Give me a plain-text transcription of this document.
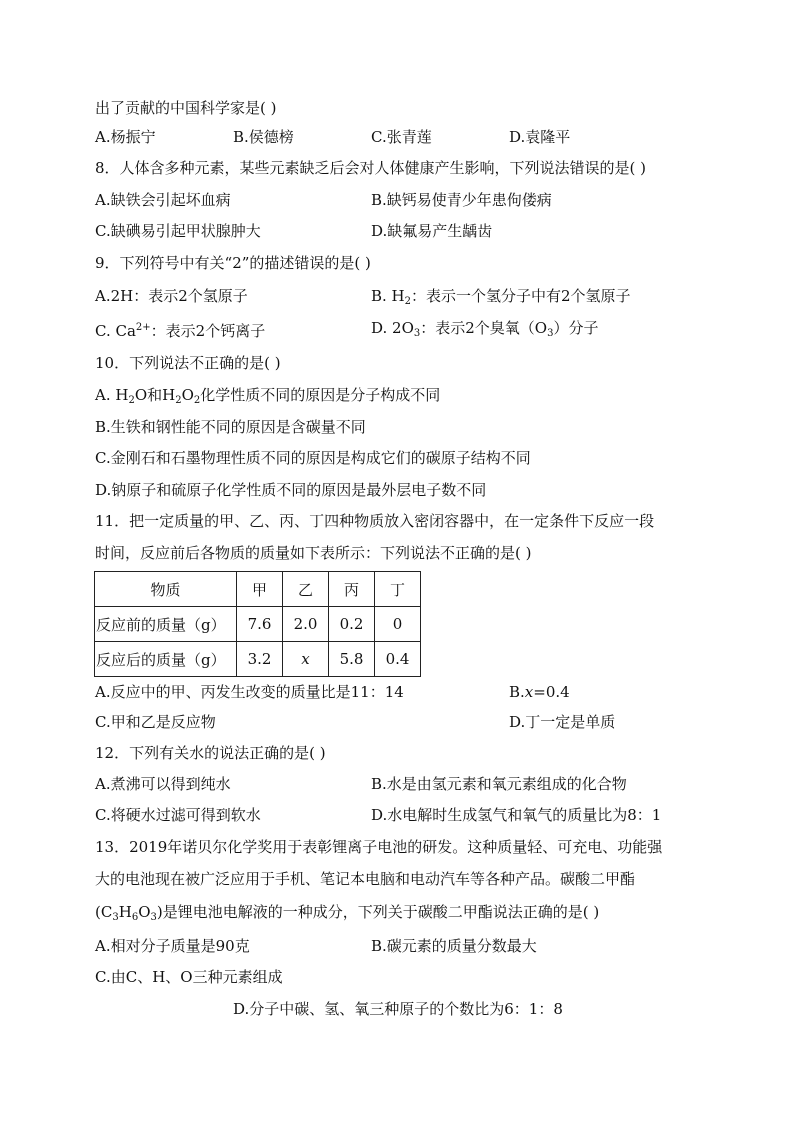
出了贡献的中国科学家是( )
A.杨振宁	B.侯德榜	C.张青莲	D.袁隆平
8．人体含多种元素，某些元素缺乏后会对人体健康产生影响，下列说法错误的是( )
A.缺铁会引起坏血病	B.缺钙易使青少年患佝偻病
C.缺碘易引起甲状腺肿大	D.缺氟易产生龋齿
9．下列符号中有关“2”的描述错误的是( )
A.2H：表示2个氢原子	B. $H_2$：表示一个氢分子中有2个氢原子
C. $Ca^{2+}$：表示2个钙离子	D. $2O_3$：表示2个臭氧$(O_3)$分子
10．下列说法不正确的是( )
A. $H_2O$和$H_2O_2$化学性质不同的原因是分子构成不同
B.生铁和钢性能不同的原因是含碳量不同
C.金刚石和石墨物理性质不同的原因是构成它们的碳原子结构不同
D.钠原子和硫原子化学性质不同的原因是最外层电子数不同
11．把一定质量的甲、乙、丙、丁四种物质放入密闭容器中，在一定条件下反应一段
时间，反应前后各物质的质量如下表所示：下列说法不正确的是( )
物质	甲	乙	丙	丁
反应前的质量（g）	7.6	2.0	0.2	0
反应后的质量（g）	3.2	x	5.8	0.4
A.反应中的甲、丙发生改变的质量比是11：14	B.x=0.4
C.甲和乙是反应物	D.丁一定是单质
12．下列有关水的说法正确的是( )
A.煮沸可以得到纯水	B.水是由氢元素和氧元素组成的化合物
C.将硬水过滤可得到软水	D.水电解时生成氢气和氧气的质量比为8：1
13．2019年诺贝尔化学奖用于表彰锂离子电池的研发。这种质量轻、可充电、功能强
大的电池现在被广泛应用于手机、笔记本电脑和电动汽车等各种产品。碳酸二甲酯
$(C_3H_6O_3)$是锂电池电解液的一种成分，下列关于碳酸二甲酯说法正确的是( )
A.相对分子质量是90克	B.碳元素的质量分数最大
C.由C、H、O三种元素组成
D.分子中碳、氢、氧三种原子的个数比为6：1：8
